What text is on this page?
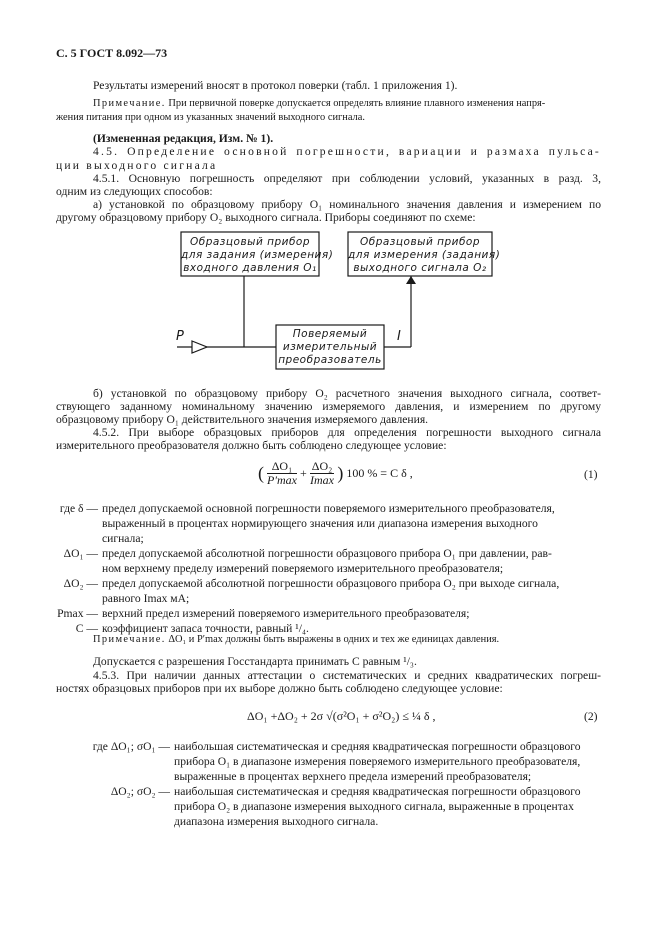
С. 5 ГОСТ 8.092—73
Результаты измерений вносят в протокол поверки (табл. 1 приложения 1).
Примечание. При первичной поверке допускается определять влияние плавного изменения напря-
жения питания при одном из указанных значений выходного сигнала.
(Измененная редакция, Изм. № 1).
4.5. Определение основной погрешности, вариации и размаха пульса-
ции выходного сигнала
4.5.1. Основную погрешность определяют при соблюдении условий, указанных в разд. 3,
одним из следующих способов:
а) установкой по образцовому прибору О₁ номинального значения давления и измерением по
другому образцовому прибору О₂ выходного сигнала. Приборы соединяют по схеме:
Образцовый прибор
для задания (измерения)
входного давления O₁
Образцовый прибор
для измерения (задания)
выходного сигнала O₂
Поверяемый
измерительный
преобразователь
P	I
б) установкой по образцовому прибору О₂ расчетного значения выходного сигнала, соответ-
ствующего заданному номинальному значению измеряемого давления, и измерением по другому
образцовому прибору О₁ действительного значения измеряемого давления.
4.5.2. При выборе образцовых приборов для определения погрешности выходного сигнала
измерительного преобразователя должно быть соблюдено следующее условие:
( $\frac{\text{ΔO₁}}{P'\max} + \frac{\text{ΔO₂}}{Imax}$ ) 100 % = C δ ,	(1)
где δ — предел допускаемой основной погрешности поверяемого измерительного преобразователя,
выраженный в процентах нормирующего значения или диапазона измерения выходного
сигнала;
ΔO₁ — предел допускаемой абсолютной погрешности образцового прибора O₁ при давлении, рав-
ном верхнему пределу измерений поверяемого измерительного преобразователя;
ΔO₂ — предел допускаемой абсолютной погрешности образцового прибора O₂ при выходе сигнала,
равного Imax мА;
Pmax — верхний предел измерений поверяемого измерительного преобразователя;
C — коэффициент запаса точности, равный ¹/₄.
Примечание. ΔO₁ и P′max должны быть выражены в одних и тех же единицах давления.
Допускается с разрешения Госстандарта принимать C равным ¹/₃.
4.5.3. При наличии данных аттестации о систематических и средних квадратических погреш-
ностях образцовых приборов при их выборе должно быть соблюдено следующее условие:
ΔO₁ +ΔO₂ + 2σ √(σ²O₁ + σ²O₂) ≤ ¼ δ ,	(2)
где ΔO₁; σO₁ — наибольшая систематическая и средняя квадратическая погрешности образцового
прибора O₁ в диапазоне измерения поверяемого измерительного преобразователя,
выраженные в процентах верхнего предела измерений преобразователя;
ΔO₂; σO₂ — наибольшая систематическая и средняя квадратическая погрешности образцового
прибора O₂ в диапазоне измерения выходного сигнала, выраженные в процентах
диапазона измерения выходного сигнала.
